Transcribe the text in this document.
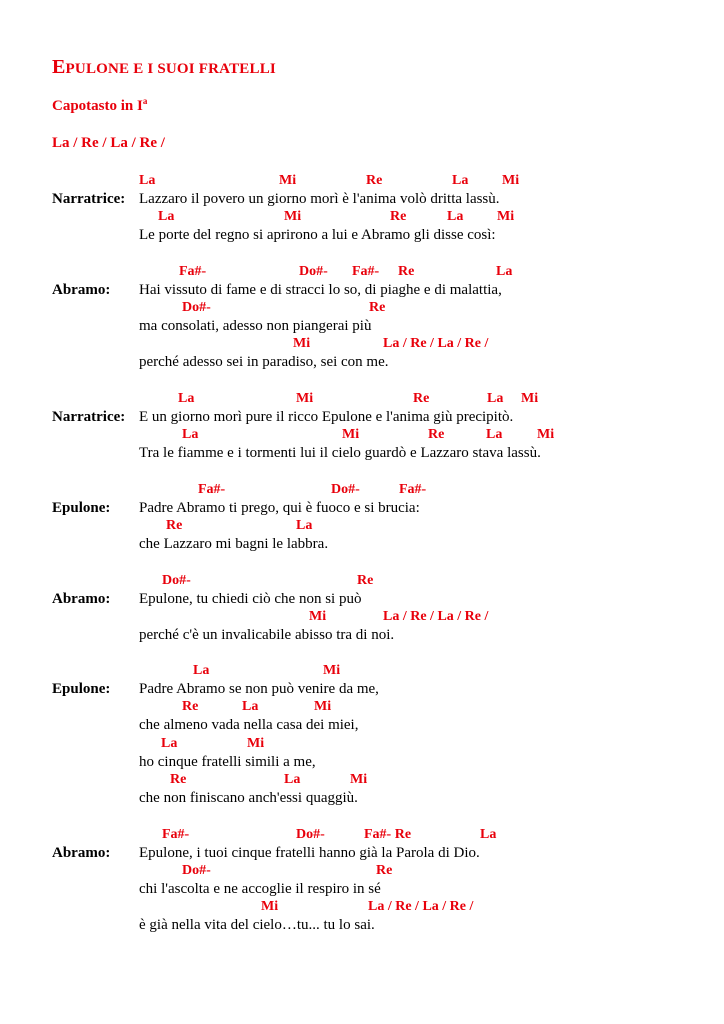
EPULONE E I SUOI FRATELLI
Capotasto in $I^a$
La / Re / La / Re /
La	Mi	Re	La Mi
Narratrice: Lazzaro il povero un giorno morì è l'anima volò dritta lassù.
La	Mi	Re	La Mi
Le porte del regno si aprirono a lui e Abramo gli disse così:
Fa#-	Do#- Fa#- Re	La
Abramo: Hai vissuto di fame e di stracci lo so, di piaghe e di malattia,
Do#-	Re
ma consolati, adesso non piangerai più
Mi	La / Re / La / Re /
perché adesso sei in paradiso, sei con me.
La	Mi	Re	La Mi
Narratrice: E un giorno morì pure il ricco Epulone e l'anima giù precipitò.
La	Mi	Re	La Mi
Tra le fiamme e i tormenti lui il cielo guardò e Lazzaro stava lassù.
Fa#-	Do#-	Fa#-
Epulone: Padre Abramo ti prego, qui è fuoco e si brucia:
Re	La
che Lazzaro mi bagni le labbra.
Do#-	Re
Abramo: Epulone, tu chiedi ciò che non si può
Mi	La / Re / La / Re /
perché c'è un invalicabile abisso tra di noi.
La	Mi
Epulone: Padre Abramo se non può venire da me,
Re	La	Mi
che almeno vada nella casa dei miei,
La	Mi
ho cinque fratelli simili a me,
Re	La	Mi
che non finiscano anch'essi quaggiù.
Fa#-	Do#-	Fa#- Re	La
Abramo: Epulone, i tuoi cinque fratelli hanno già la Parola di Dio.
Do#-	Re
chi l'ascolta e ne accoglie il respiro in sé
Mi	La / Re / La / Re /
è già nella vita del cielo…tu... tu lo sai.
